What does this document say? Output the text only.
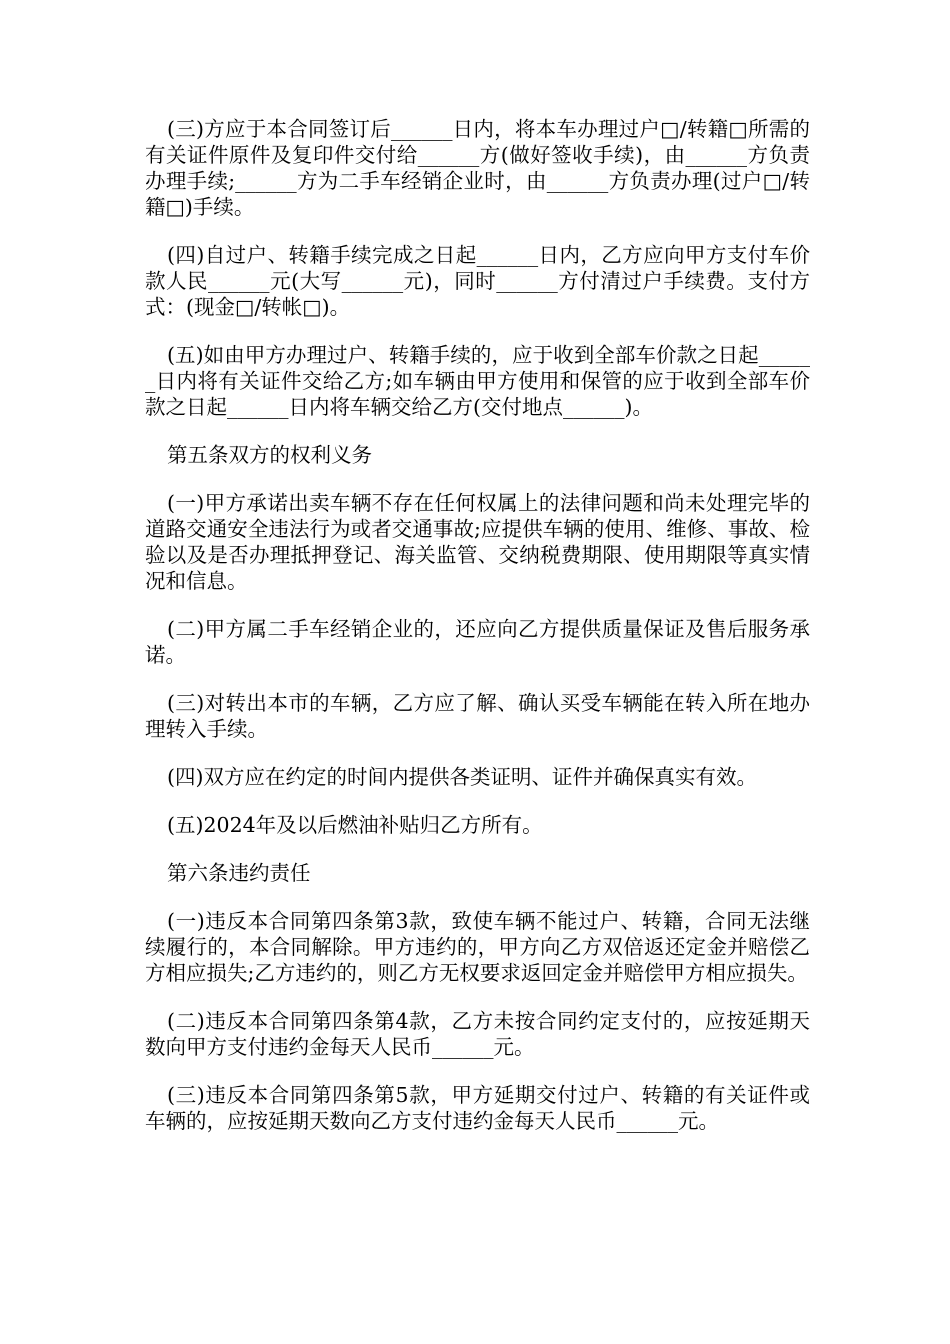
(三)方应于本合同签订后______日内，将本车办理过户□/转籍□所需的有关证件原件及复印件交付给______方(做好签收手续)，由______方负责办理手续;______方为二手车经销企业时，由______方负责办理(过户□/转籍□)手续。

(四)自过户、转籍手续完成之日起______日内，乙方应向甲方支付车价款人民______元(大写______元)，同时______方付清过户手续费。支付方式：(现金□/转帐□)。

(五)如由甲方办理过户、转籍手续的，应于收到全部车价款之日起______日内将有关证件交给乙方;如车辆由甲方使用和保管的应于收到全部车价款之日起______日内将车辆交给乙方(交付地点______)。

第五条双方的权利义务

(一)甲方承诺出卖车辆不存在任何权属上的法律问题和尚未处理完毕的道路交通安全违法行为或者交通事故;应提供车辆的使用、维修、事故、检验以及是否办理抵押登记、海关监管、交纳税费期限、使用期限等真实情况和信息。

(二)甲方属二手车经销企业的，还应向乙方提供质量保证及售后服务承诺。

(三)对转出本市的车辆，乙方应了解、确认买受车辆能在转入所在地办理转入手续。

(四)双方应在约定的时间内提供各类证明、证件并确保真实有效。

(五)2024年及以后燃油补贴归乙方所有。

第六条违约责任

(一)违反本合同第四条第3款，致使车辆不能过户、转籍，合同无法继续履行的，本合同解除。甲方违约的，甲方向乙方双倍返还定金并赔偿乙方相应损失;乙方违约的，则乙方无权要求返回定金并赔偿甲方相应损失。

(二)违反本合同第四条第4款，乙方未按合同约定支付的，应按延期天数向甲方支付违约金每天人民币______元。

(三)违反本合同第四条第5款，甲方延期交付过户、转籍的有关证件或车辆的，应按延期天数向乙方支付违约金每天人民币______元。
